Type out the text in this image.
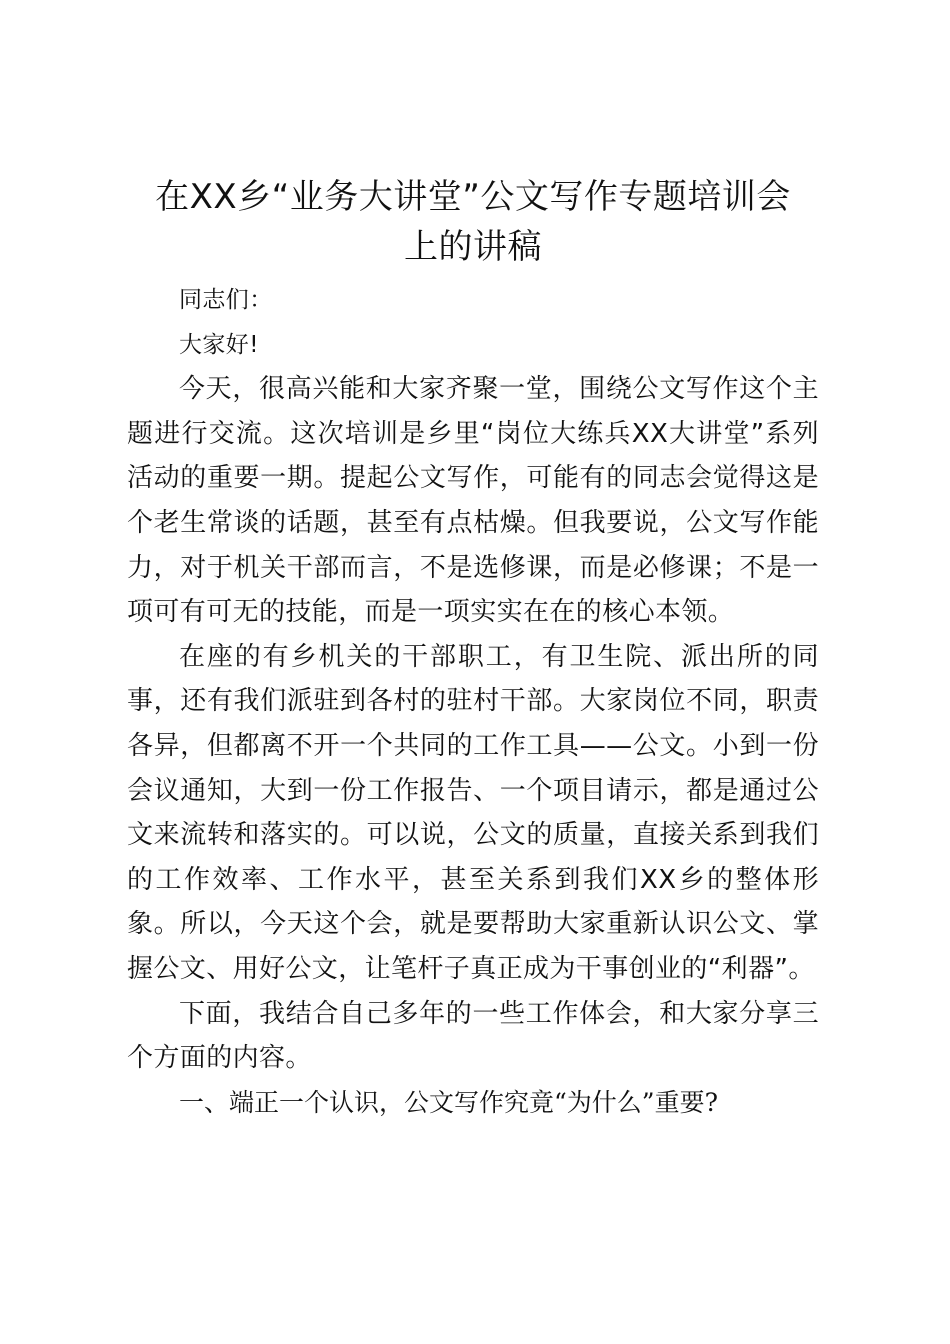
在XX乡“业务大讲堂”公文写作专题培训会
上的讲稿

同志们：

大家好!

今天，很高兴能和大家齐聚一堂，围绕公文写作这个主题进行交流。这次培训是乡里“岗位大练兵XX大讲堂”系列活动的重要一期。提起公文写作，可能有的同志会觉得这是个老生常谈的话题，甚至有点枯燥。但我要说，公文写作能力，对于机关干部而言，不是选修课，而是必修课；不是一项可有可无的技能，而是一项实实在在的核心本领。

在座的有乡机关的干部职工，有卫生院、派出所的同事，还有我们派驻到各村的驻村干部。大家岗位不同，职责各异，但都离不开一个共同的工作工具——公文。小到一份会议通知，大到一份工作报告、一个项目请示，都是通过公文来流转和落实的。可以说，公文的质量，直接关系到我们的工作效率、工作水平，甚至关系到我们XX乡的整体形象。所以，今天这个会，就是要帮助大家重新认识公文、掌握公文、用好公文，让笔杆子真正成为干事创业的“利器”。

下面，我结合自己多年的一些工作体会，和大家分享三个方面的内容。

一、端正一个认识，公文写作究竟“为什么”重要?
